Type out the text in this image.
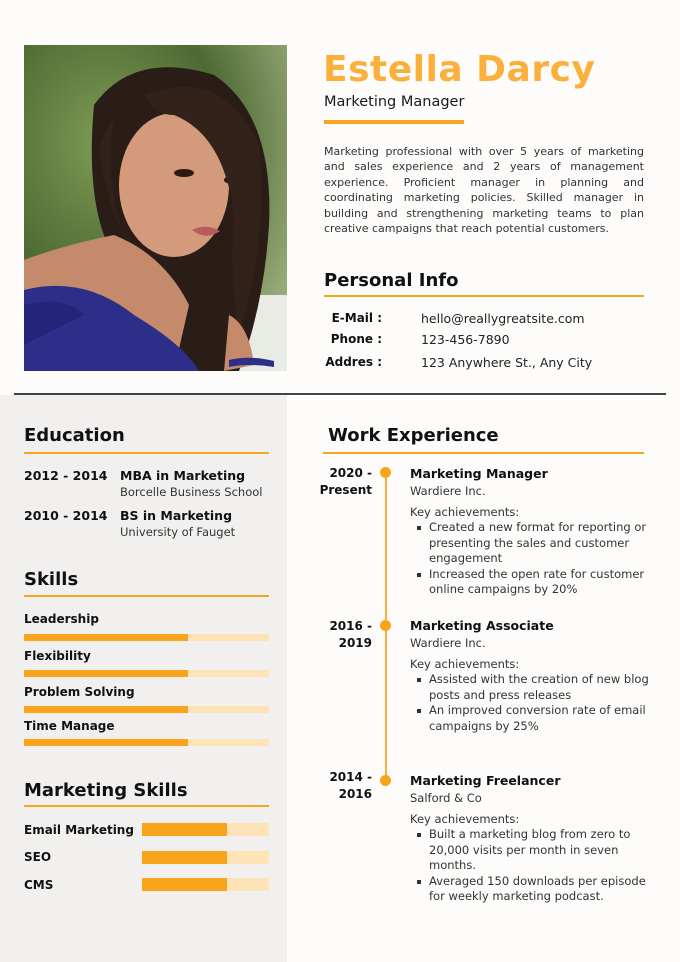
Estella Darcy
Marketing Manager

Marketing professional with over 5 years of marketing and sales experience and 2 years of management experience. Proficient manager in planning and coordinating marketing policies. Skilled manager in building and strengthening marketing teams to plan creative campaigns that reach potential customers.

Personal Info
E-Mail :	hello@reallygreatsite.com
Phone :	123-456-7890
Addres :	123 Anywhere St., Any City
Education
2012 - 2014 MBA in Marketing
Borcelle Business School
2010 - 2014 BS in Marketing
University of Fauget
Skills
Leadership
Flexibility
Problem Solving
Time Manage
Marketing Skills
Email Marketing
SEO
CMS
Work Experience
2020 -
Present
Marketing Manager
Wardiere Inc.
Key achievements:
Created a new format for reporting or presenting the sales and customer engagement
Increased the open rate for customer online campaigns by 20%
2016 -
2019
Marketing Associate
Wardiere Inc.
Key achievements:
Assisted with the creation of new blog posts and press releases
An improved conversion rate of email campaigns by 25%
2014 -
2016
Marketing Freelancer
Salford & Co
Key achievements:
Built a marketing blog from zero to 20,000 visits per month in seven months.
Averaged 150 downloads per episode for weekly marketing podcast.
